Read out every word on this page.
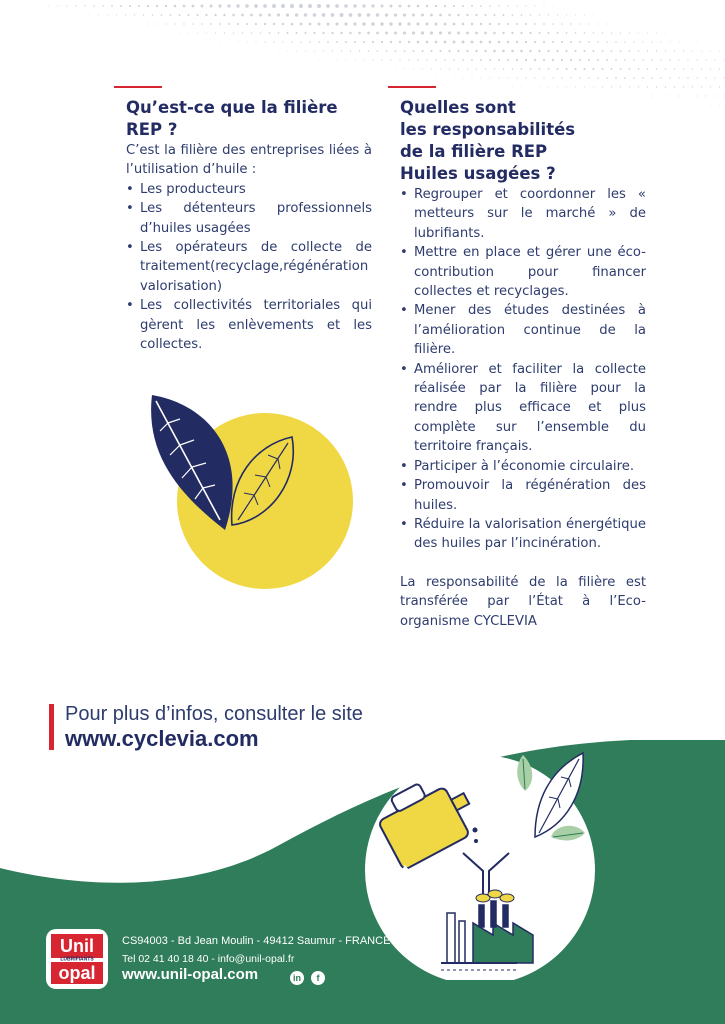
Qu’est-ce que la filière
REP ?

C’est la filière des entreprises liées à l’utilisation d’huile :

• Les producteurs
• Les détenteurs professionnels d’huiles usagées
• Les opérateurs de collecte de traitement(recyclage,régénération valorisation)
• Les collectivités territoriales qui gèrent les enlèvements et les collectes.
Quelles sont
les responsabilités
de la filière REP
Huiles usagées ?
• Regrouper et coordonner les « metteurs sur le marché » de lubrifiants.
• Mettre en place et gérer une éco-contribution pour financer collectes et recyclages.
• Mener des études destinées à l’amélioration continue de la filière.
• Améliorer et faciliter la collecte réalisée par la filière pour la rendre plus efficace et plus complète sur l’ensemble du territoire français.
• Participer à l’économie circulaire.
• Promouvoir la régénération des huiles.
• Réduire la valorisation énergétique des huiles par l’incinération.

La responsabilité de la filière est transférée par l’État à l’Eco-organisme CYCLEVIA

Pour plus d’infos, consulter le site
www.cyclevia.com
Unil
LUBRIFIANTS
opal
CS94003 - Bd Jean Moulin - 49412 Saumur - FRANCE
Tel 02 41 40 18 40 - info@unil-opal.fr
www.unil-opal.com	in	f
